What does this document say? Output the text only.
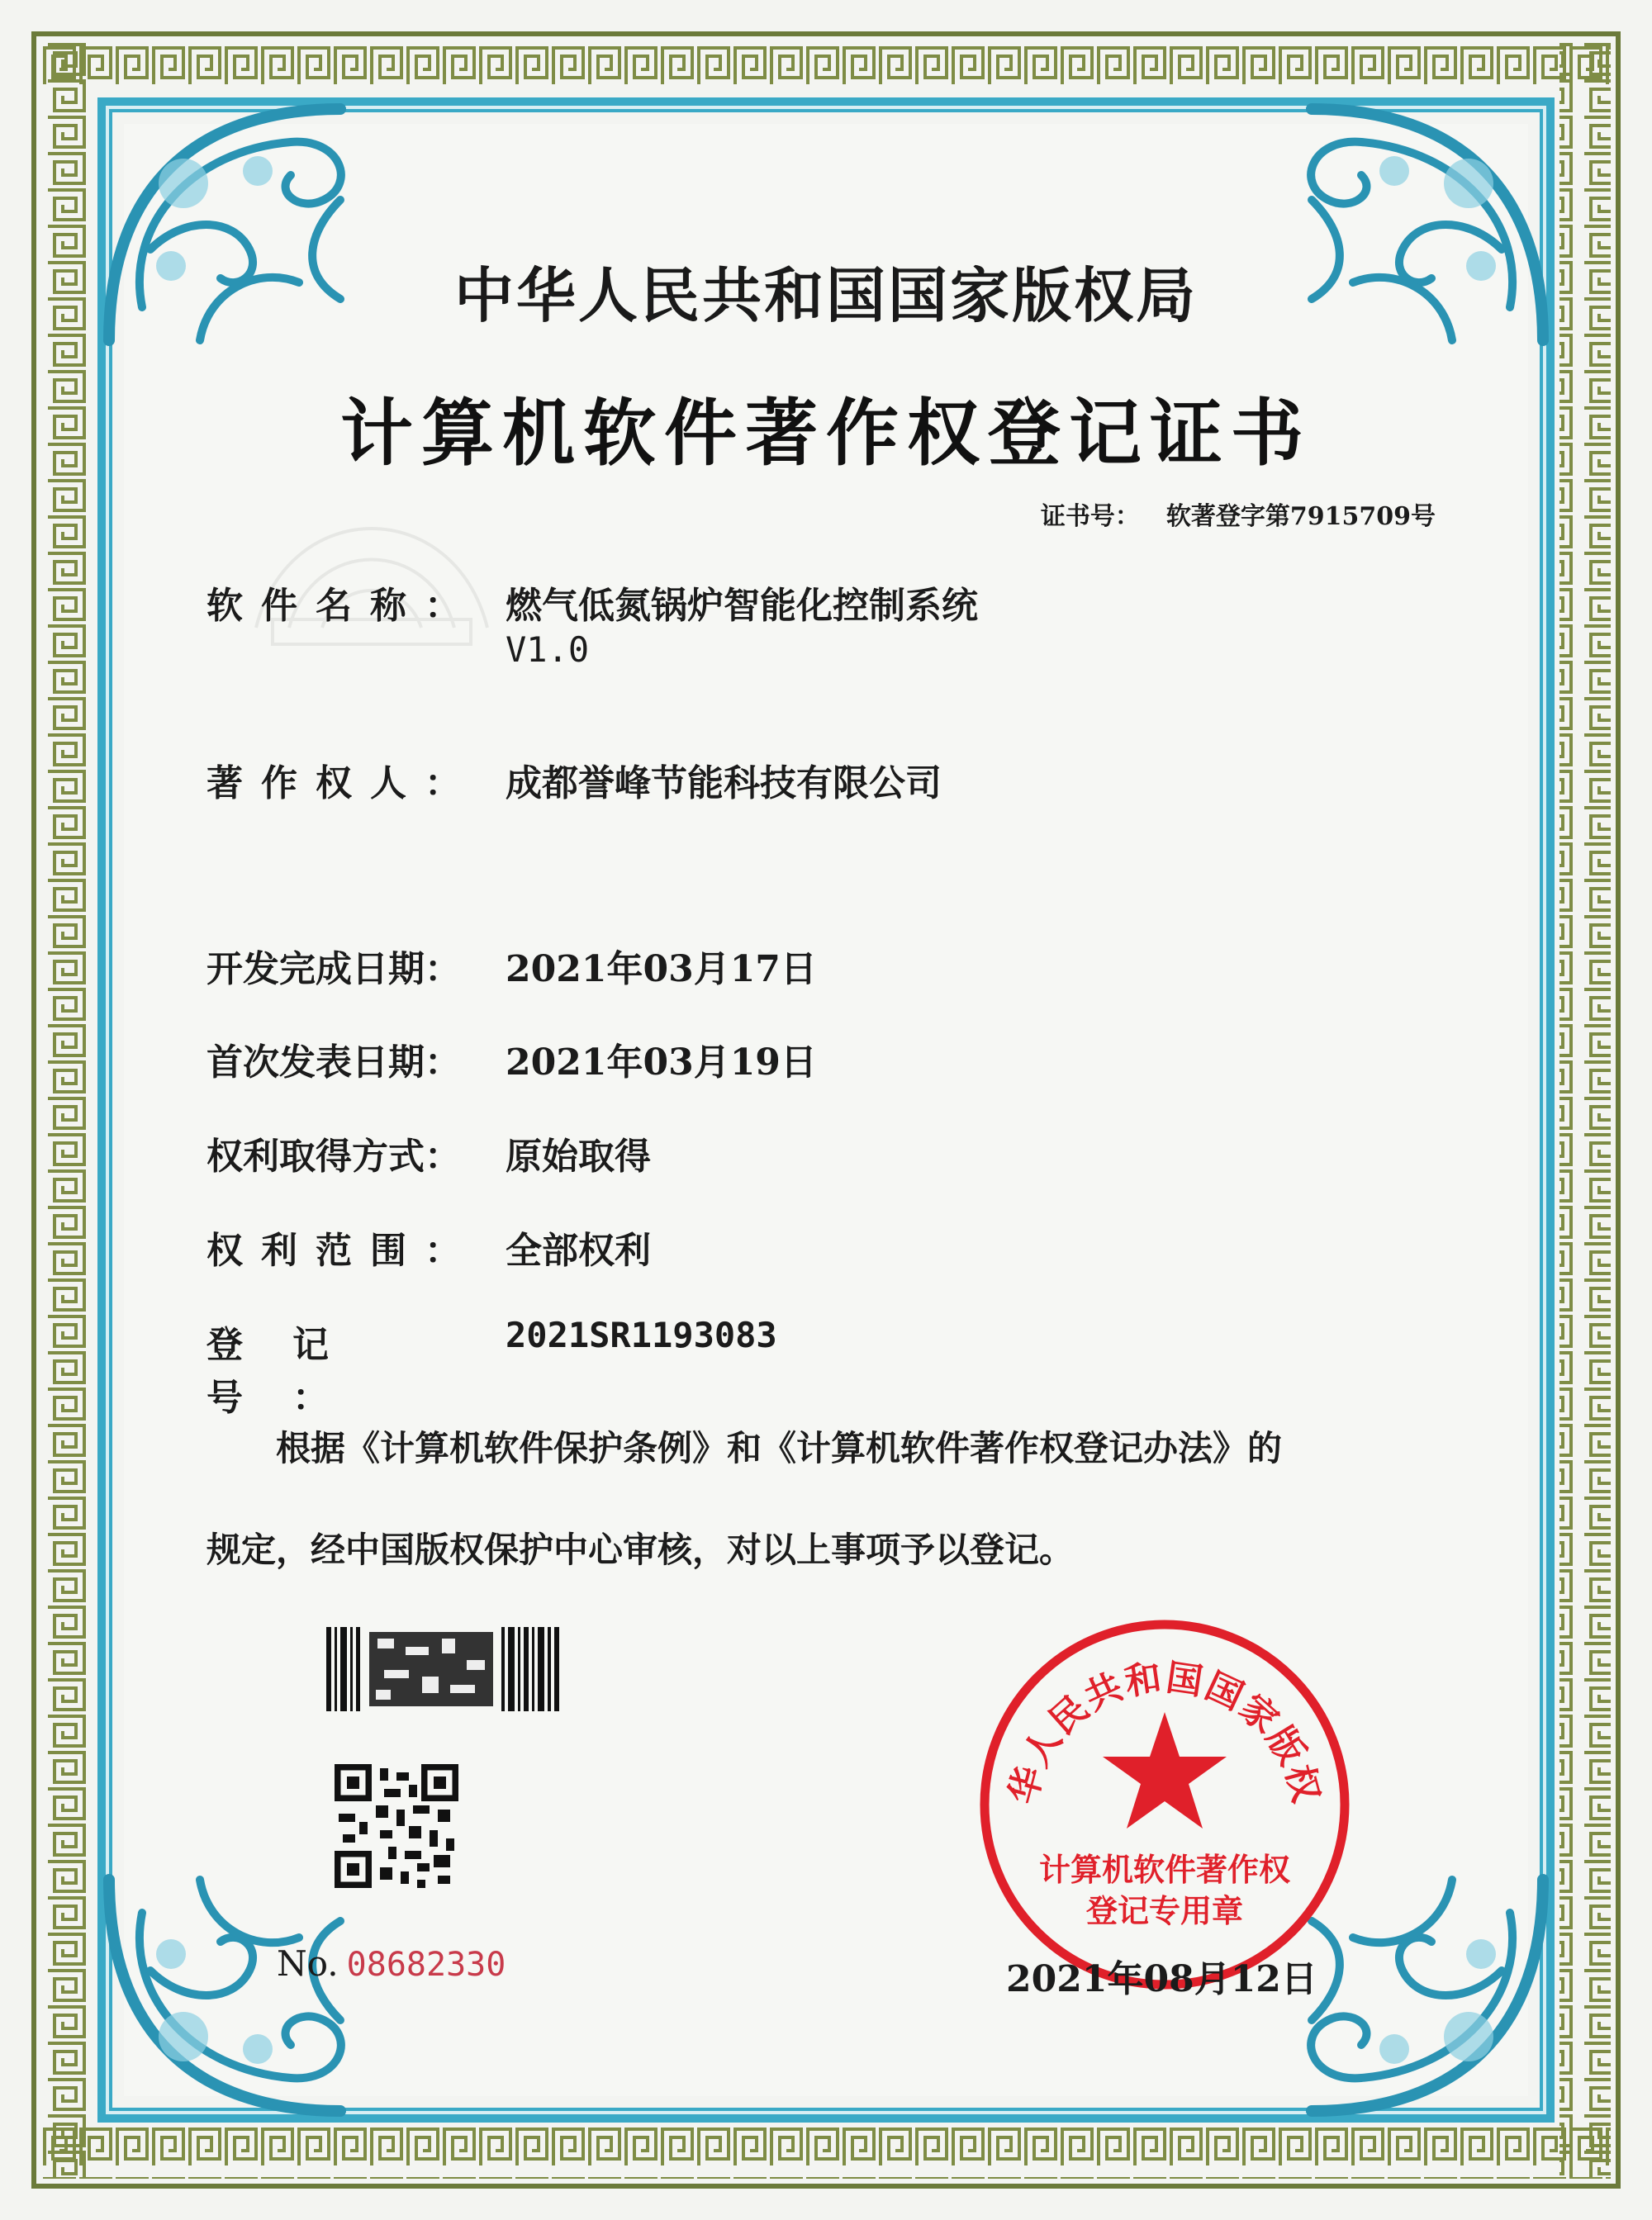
中华人民共和国国家版权局
计算机软件著作权登记证书
证书号： 软著登字第7915709号
软件名称： 燃气低氮锅炉智能化控制系统
V1.0
著作权人： 成都誉峰节能科技有限公司
开发完成日期： 2021年03月17日
首次发表日期： 2021年03月19日
权利取得方式： 原始取得
权利范围： 全部权利
登记号：
2021SR1193083
根据《计算机软件保护条例》和《计算机软件著作权登记办法》的
规定，经中国版权保护中心审核，对以上事项予以登记。
No. 08682330
华人民共和国国家版权
计算机软件著作权
登记专用章
2021年08月12日
